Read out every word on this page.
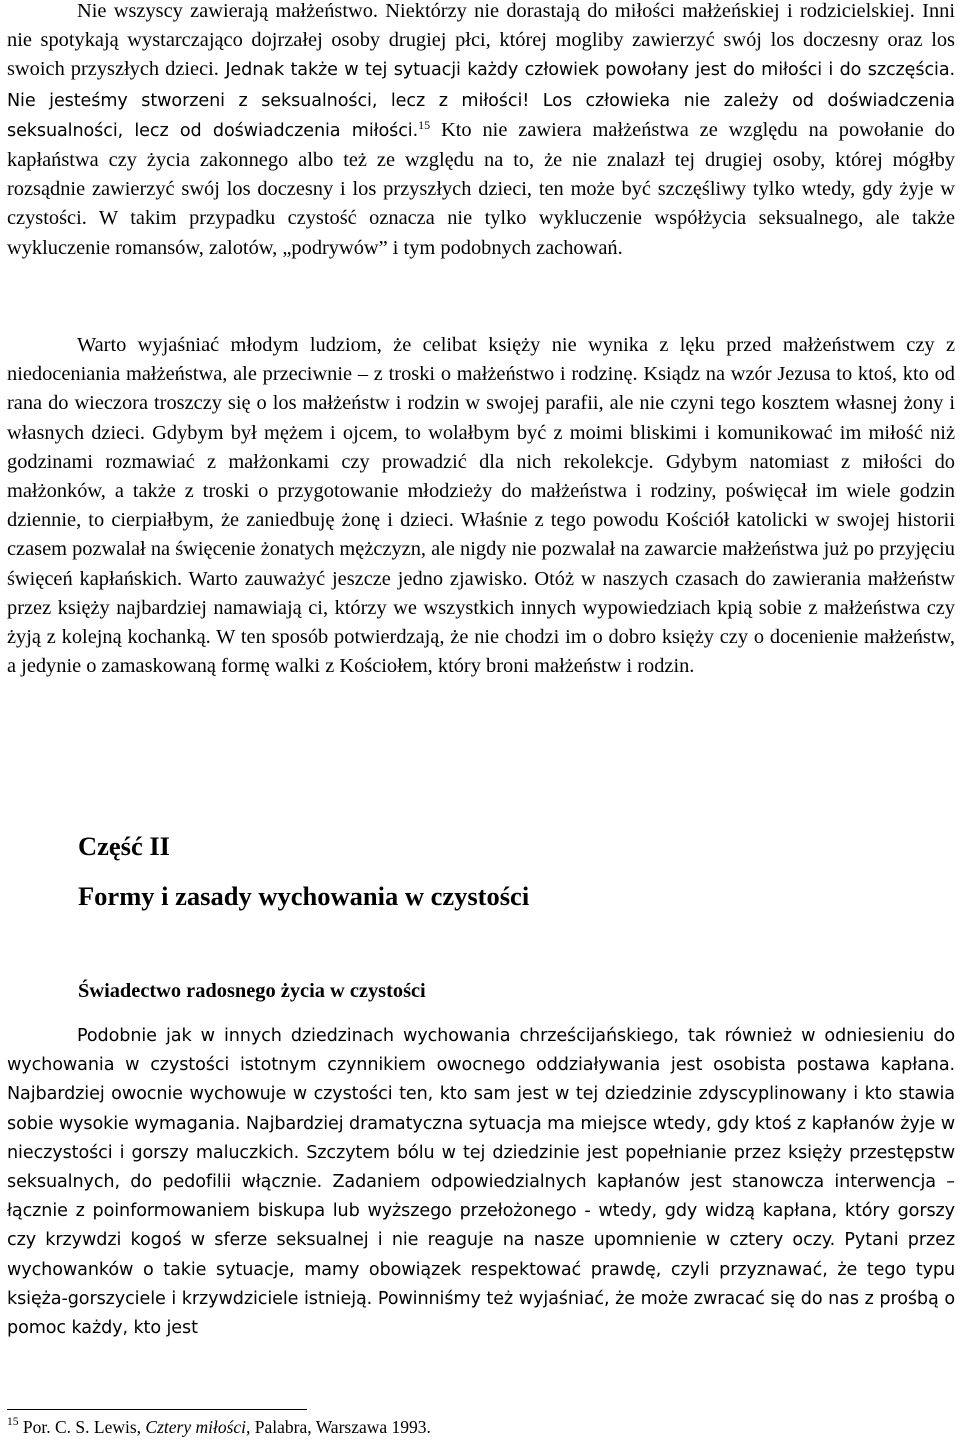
Nie wszyscy zawierają małżeństwo. Niektórzy nie dorastają do miłości małżeńskiej i rodzicielskiej. Inni nie spotykają wystarczająco dojrzałej osoby drugiej płci, której mogliby zawierzyć swój los doczesny oraz los swoich przyszłych dzieci. Jednak także w tej sytuacji każdy człowiek powołany jest do miłości i do szczęścia. Nie jesteśmy stworzeni z seksualności, lecz z miłości! Los człowieka nie zależy od doświadczenia seksualności, lecz od doświadczenia miłości.$^{15}$ Kto nie zawiera małżeństwa ze względu na powołanie do kapłaństwa czy życia zakonnego albo też ze względu na to, że nie znalazł tej drugiej osoby, której mógłby rozsądnie zawierzyć swój los doczesny i los przyszłych dzieci, ten może być szczęśliwy tylko wtedy, gdy żyje w czystości. W takim przypadku czystość oznacza nie tylko wykluczenie współżycia seksualnego, ale także wykluczenie romansów, zalotów, „podrywów” i tym podobnych zachowań.

Warto wyjaśniać młodym ludziom, że celibat księży nie wynika z lęku przed małżeństwem czy z niedoceniania małżeństwa, ale przeciwnie – z troski o małżeństwo i rodzinę. Ksiądz na wzór Jezusa to ktoś, kto od rana do wieczora troszczy się o los małżeństw i rodzin w swojej parafii, ale nie czyni tego kosztem własnej żony i własnych dzieci. Gdybym był mężem i ojcem, to wolałbym być z moimi bliskimi i komunikować im miłość niż godzinami rozmawiać z małżonkami czy prowadzić dla nich rekolekcje. Gdybym natomiast z miłości do małżonków, a także z troski o przygotowanie młodzieży do małżeństwa i rodziny, poświęcał im wiele godzin dziennie, to cierpiałbym, że zaniedbuję żonę i dzieci. Właśnie z tego powodu Kościół katolicki w swojej historii czasem pozwalał na święcenie żonatych mężczyzn, ale nigdy nie pozwalał na zawarcie małżeństwa już po przyjęciu święceń kapłańskich. Warto zauważyć jeszcze jedno zjawisko. Otóż w naszych czasach do zawierania małżeństw przez księży najbardziej namawiają ci, którzy we wszystkich innych wypowiedziach kpią sobie z małżeństwa czy żyją z kolejną kochanką. W ten sposób potwierdzają, że nie chodzi im o dobro księży czy o docenienie małżeństw, a jedynie o zamaskowaną formę walki z Kościołem, który broni małżeństw i rodzin.

Część II
Formy i zasady wychowania w czystości
Świadectwo radosnego życia w czystości

Podobnie jak w innych dziedzinach wychowania chrześcijańskiego, tak również w odniesieniu do wychowania w czystości istotnym czynnikiem owocnego oddziaływania jest osobista postawa kapłana. Najbardziej owocnie wychowuje w czystości ten, kto sam jest w tej dziedzinie zdyscyplinowany i kto stawia sobie wysokie wymagania. Najbardziej dramatyczna sytuacja ma miejsce wtedy, gdy ktoś z kapłanów żyje w nieczystości i gorszy maluczkich. Szczytem bólu w tej dziedzinie jest popełnianie przez księży przestępstw seksualnych, do pedofilii włącznie. Zadaniem odpowiedzialnych kapłanów jest stanowcza interwencja – łącznie z poinformowaniem biskupa lub wyższego przełożonego - wtedy, gdy widzą kapłana, który gorszy czy krzywdzi kogoś w sferze seksualnej i nie reaguje na nasze upomnienie w cztery oczy. Pytani przez wychowanków o takie sytuacje, mamy obowiązek respektować prawdę, czyli przyznawać, że tego typu księża-gorszyciele i krzywdziciele istnieją. Powinniśmy też wyjaśniać, że może zwracać się do nas z prośbą o pomoc każdy, kto jest

$^{15}$ Por. C. S. Lewis, Cztery miłości, Palabra, Warszawa 1993.
